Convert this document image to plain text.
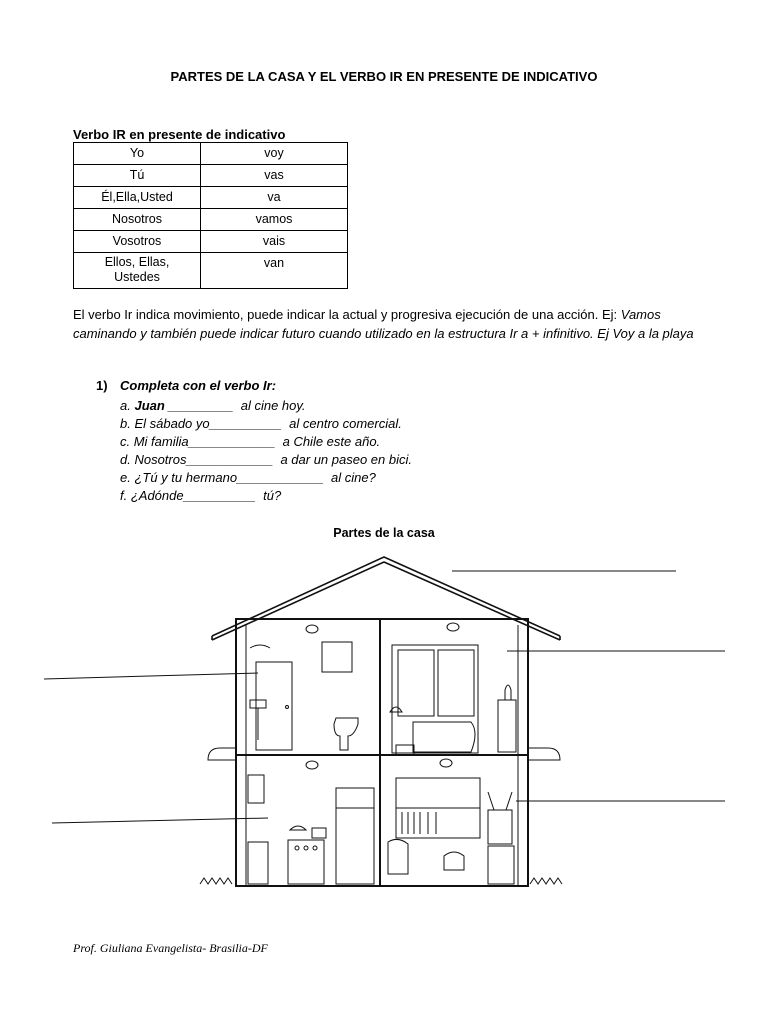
PARTES DE LA CASA Y EL VERBO IR EN PRESENTE DE INDICATIVO
Verbo IR en presente de indicativo
Yo	voy
Tú	vas
Él,Ella,Usted	va
Nosotros	vamos
Vosotros	vais

Ellos, Ellas,
Ustedes	van
El verbo Ir indica movimiento, puede indicar la actual y progresiva ejecución de una acción. Ej: Vamos caminando y también puede indicar futuro cuando utilizado en la estructura Ir a + infinitivo. Ej Voy a la playa
1) Completa con el verbo Ir:
a. Juan _________  al cine hoy.
b. El sábado yo__________  al centro comercial.
c. Mi familia____________  a Chile este año.
d. Nosotros____________  a dar un paseo en bici.
e. ¿Tú y tu hermano____________  al cine?
f. ¿Adónde__________  tú?
Partes de la casa
Prof. Giuliana Evangelista- Brasilia-DF
